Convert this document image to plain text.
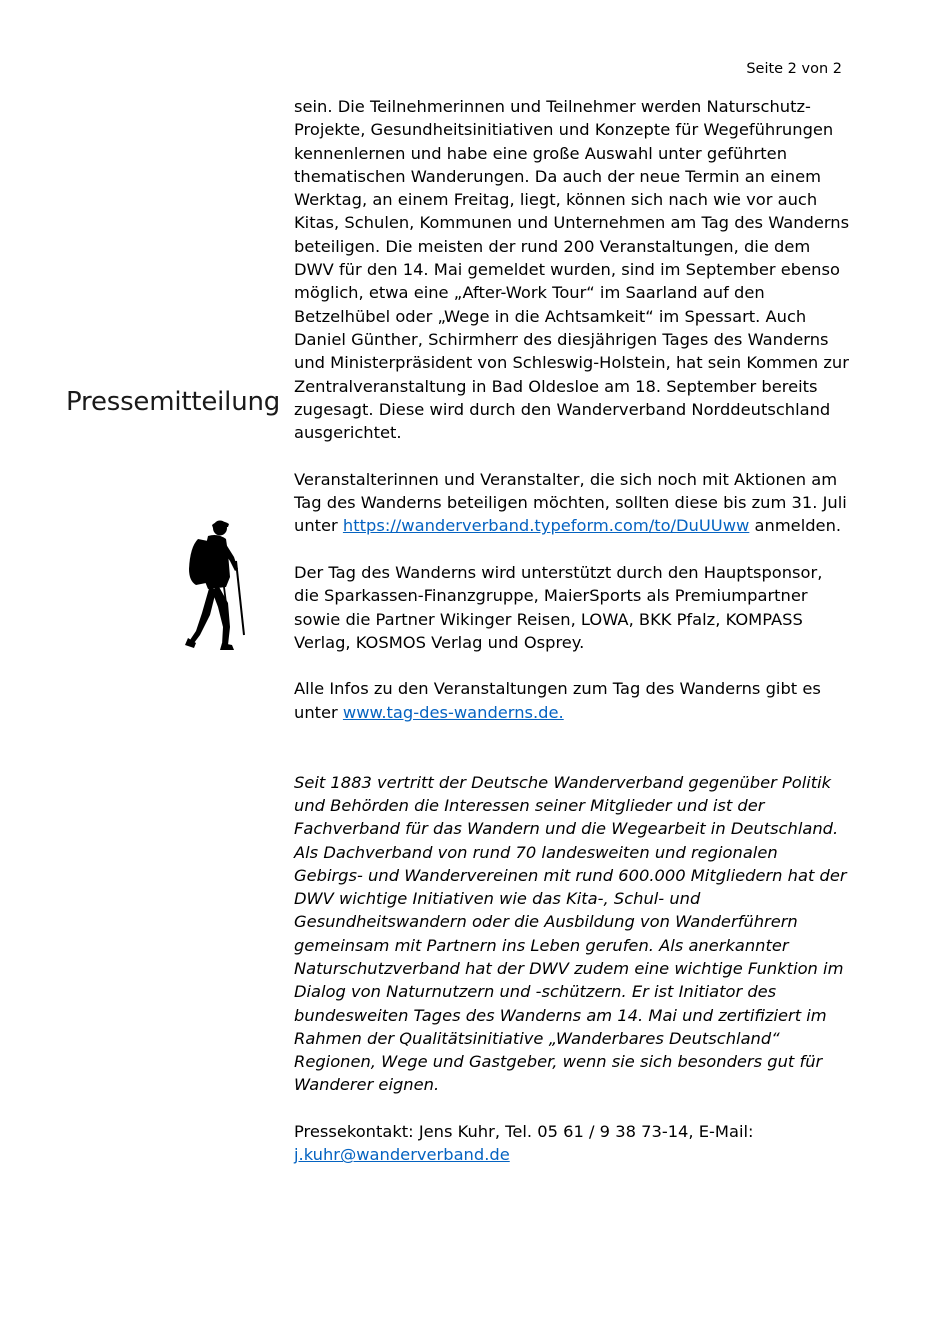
Seite 2 von 2
Pressemitteilung

sein. Die Teilnehmerinnen und Teilnehmer werden Naturschutz-Projekte, Gesundheitsinitiativen und Konzepte für Wegeführungen kennenlernen und habe eine große Auswahl unter geführten thematischen Wanderungen. Da auch der neue Termin an einem Werktag, an einem Freitag, liegt, können sich nach wie vor auch Kitas, Schulen, Kommunen und Unternehmen am Tag des Wanderns beteiligen. Die meisten der rund 200 Veranstaltungen, die dem DWV für den 14. Mai gemeldet wurden, sind im September ebenso möglich, etwa eine „After-Work Tour“ im Saarland auf den Betzelhübel oder „Wege in die Achtsamkeit“ im Spessart. Auch Daniel Günther, Schirmherr des diesjährigen Tages des Wanderns und Ministerpräsident von Schleswig-Holstein, hat sein Kommen zur Zentralveranstaltung in Bad Oldesloe am 18. September bereits zugesagt. Diese wird durch den Wanderverband Norddeutschland ausgerichtet.

Veranstalterinnen und Veranstalter, die sich noch mit Aktionen am Tag des Wanderns beteiligen möchten, sollten diese bis zum 31. Juli unter https://wanderverband.typeform.com/to/DuUUww anmelden.

Der Tag des Wanderns wird unterstützt durch den Hauptsponsor, die Sparkassen-Finanzgruppe, MaierSports als Premiumpartner sowie die Partner Wikinger Reisen, LOWA, BKK Pfalz, KOMPASS Verlag, KOSMOS Verlag und Osprey.

Alle Infos zu den Veranstaltungen zum Tag des Wanderns gibt es unter www.tag-des-wanderns.de.

Seit 1883 vertritt der Deutsche Wanderverband gegenüber Politik und Behörden die Interessen seiner Mitglieder und ist der Fachverband für das Wandern und die Wegearbeit in Deutschland. Als Dachverband von rund 70 landesweiten und regionalen Gebirgs- und Wandervereinen mit rund 600.000 Mitgliedern hat der DWV wichtige Initiativen wie das Kita-, Schul- und Gesundheitswandern oder die Ausbildung von Wanderführern gemeinsam mit Partnern ins Leben gerufen. Als anerkannter Naturschutzverband hat der DWV zudem eine wichtige Funktion im Dialog von Naturnutzern und -schützern. Er ist Initiator des bundesweiten Tages des Wanderns am 14. Mai und zertifiziert im Rahmen der Qualitätsinitiative „Wanderbares Deutschland“ Regionen, Wege und Gastgeber, wenn sie sich besonders gut für Wanderer eignen.

Pressekontakt: Jens Kuhr, Tel. 05 61 / 9 38 73-14, E-Mail: j.kuhr@wanderverband.de
